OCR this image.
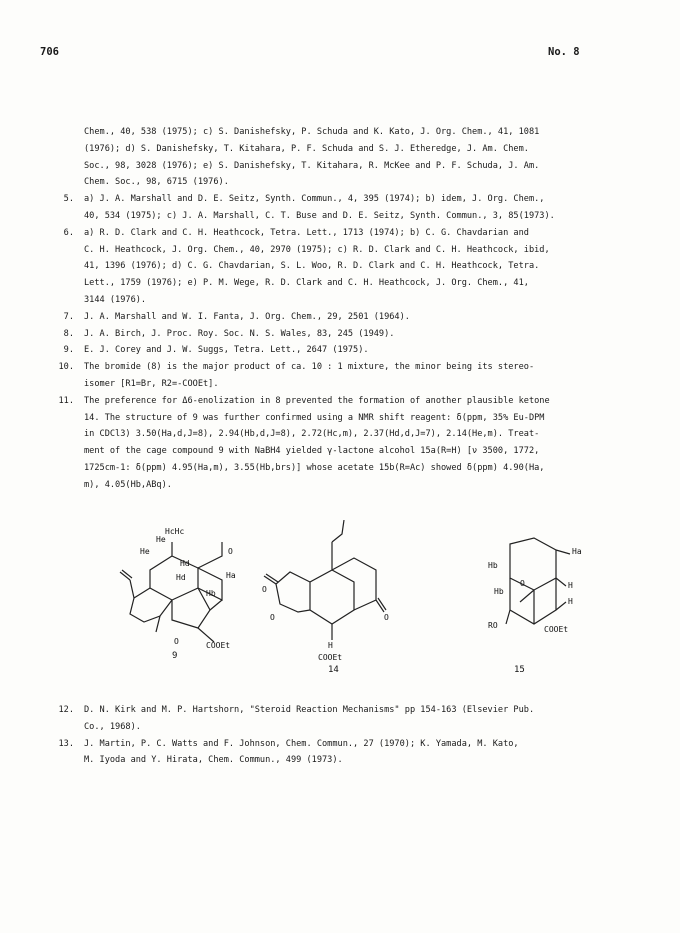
706	No. 8
Chem., 40, 538 (1975); c) S. Danishefsky, P. Schuda and K. Kato, J. Org. Chem., 41, 1081
(1976); d) S. Danishefsky, T. Kitahara, P. F. Schuda and S. J. Etheredge, J. Am. Chem.
Soc., 98, 3028 (1976); e) S. Danishefsky, T. Kitahara, R. McKee and P. F. Schuda, J. Am.
Chem. Soc., 98, 6715 (1976).
5.	a) J. A. Marshall and D. E. Seitz, Synth. Commun., 4, 395 (1974); b) idem, J. Org. Chem.,
40, 534 (1975); c) J. A. Marshall, C. T. Buse and D. E. Seitz, Synth. Commun., 3, 85(1973).
6.	a) R. D. Clark and C. H. Heathcock, Tetra. Lett., 1713 (1974); b) C. G. Chavdarian and
C. H. Heathcock, J. Org. Chem., 40, 2970 (1975); c) R. D. Clark and C. H. Heathcock, ibid,
41, 1396 (1976); d) C. G. Chavdarian, S. L. Woo, R. D. Clark and C. H. Heathcock, Tetra.
Lett., 1759 (1976); e) P. M. Wege, R. D. Clark and C. H. Heathcock, J. Org. Chem., 41,
3144 (1976).
7.	J. A. Marshall and W. I. Fanta, J. Org. Chem., 29, 2501 (1964).
8.	J. A. Birch, J. Proc. Roy. Soc. N. S. Wales, 83, 245 (1949).
9.	E. J. Corey and J. W. Suggs, Tetra. Lett., 2647 (1975).
10.	The bromide (8) is the major product of ca. 10 : 1 mixture, the minor being its stereo-
isomer [R1=Br, R2=-COOEt].
11.	The preference for Δ6-enolization in 8 prevented the formation of another plausible ketone
14. The structure of 9 was further confirmed using a NMR shift reagent: δ(ppm, 35% Eu-DPM
in CDCl3) 3.50(Ha,d,J=8), 2.94(Hb,d,J=8), 2.72(Hc,m), 2.37(Hd,d,J=7), 2.14(He,m). Treat-
ment of the cage compound 9 with NaBH4 yielded γ-lactone alcohol 15a(R=H) [ν 3500, 1772,
1725cm-1: δ(ppm) 4.95(Ha,m), 3.55(Hb,brs)] whose acetate 15b(R=Ac) showed δ(ppm) 4.90(Ha,
m), 4.05(Hb,ABq).
HcHc
He
He
Hd
Hd	Ha
Hb
COOEt
O
O
O
O	O
H
COOEt
Ha
Hb
Hb
H
H
RO	COOEt
O
9
14	15
12.	D. N. Kirk and M. P. Hartshorn, "Steroid Reaction Mechanisms" pp 154-163 (Elsevier Pub.
Co., 1968).
13.	J. Martin, P. C. Watts and F. Johnson, Chem. Commun., 27 (1970); K. Yamada, M. Kato,
M. Iyoda and Y. Hirata, Chem. Commun., 499 (1973).
